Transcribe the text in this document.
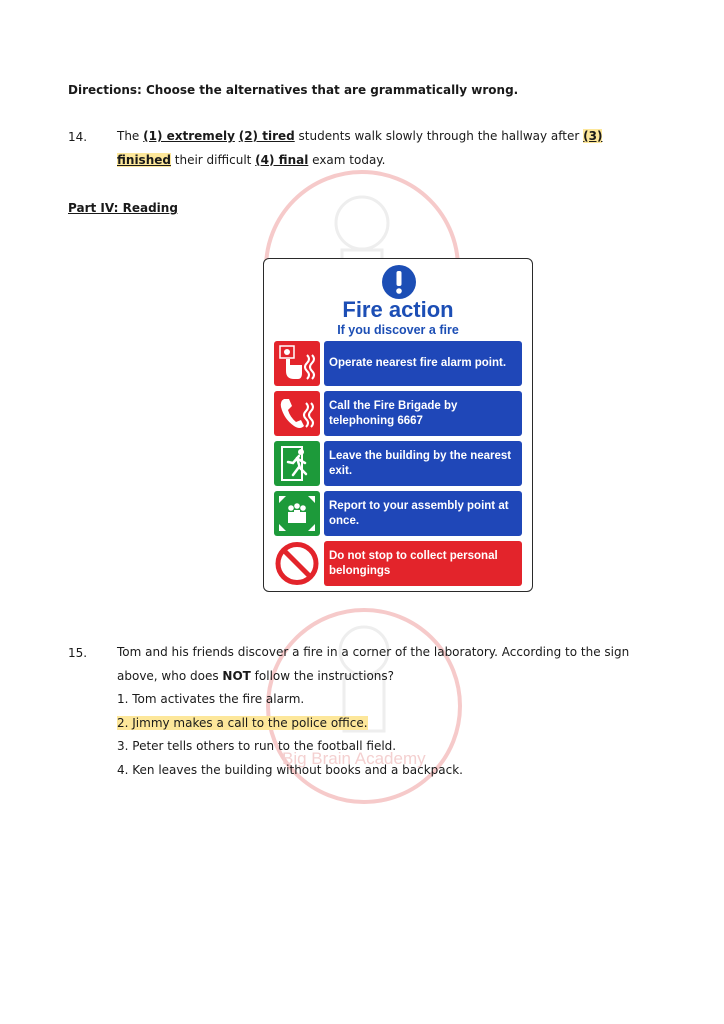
Big Brain Academy
Directions: Choose the alternatives that are grammatically wrong.
14. The (1) extremely (2) tired students walk slowly through the hallway after (3) finished their difficult (4) final exam today.
Part IV: Reading
Fire action
If you discover a fire
Operate nearest fire alarm point.
Call the Fire Brigade by telephoning 6667
Leave the building by the nearest exit.
Report to your assembly point at once.
Do not stop to collect personal belongings
15. Tom and his friends discover a fire in a corner of the laboratory. According to the sign above, who does NOT follow the instructions?
1. Tom activates the fire alarm.
2. Jimmy makes a call to the police office.
3. Peter tells others to run to the football field.
4. Ken leaves the building without books and a backpack.
